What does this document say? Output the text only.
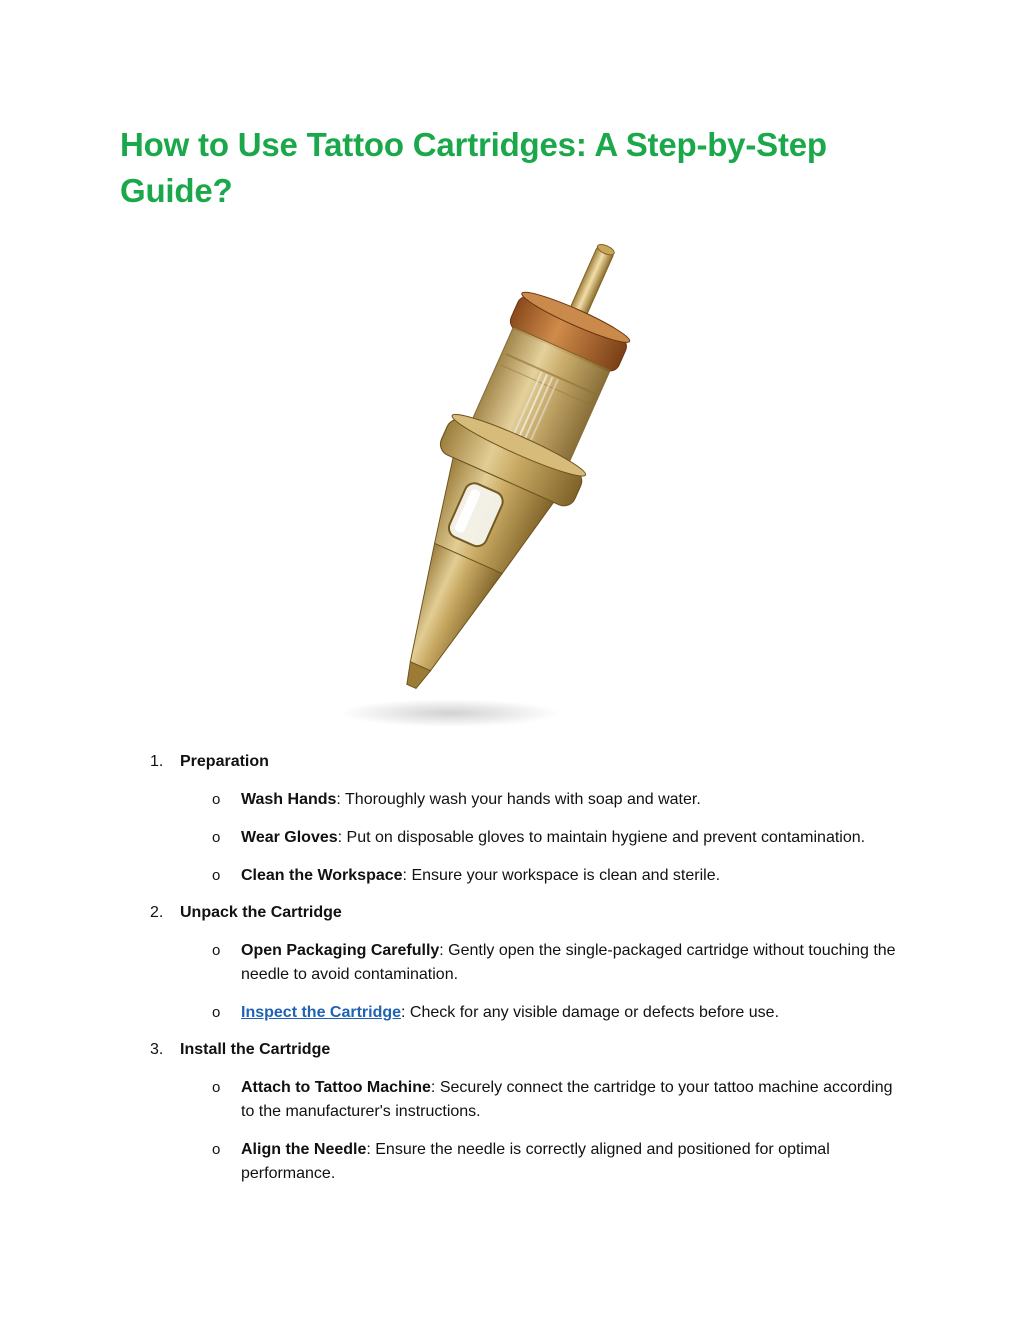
How to Use Tattoo Cartridges: A Step-by-Step Guide?
1. Preparation
o	Wash Hands: Thoroughly wash your hands with soap and water.
o	Wear Gloves: Put on disposable gloves to maintain hygiene and prevent contamination.
o	Clean the Workspace: Ensure your workspace is clean and sterile.
2. Unpack the Cartridge
o	Open Packaging Carefully: Gently open the single-packaged cartridge without touching the needle to avoid contamination.
o	Inspect the Cartridge: Check for any visible damage or defects before use.
3. Install the Cartridge
o	Attach to Tattoo Machine: Securely connect the cartridge to your tattoo machine according to the manufacturer's instructions.
o	Align the Needle: Ensure the needle is correctly aligned and positioned for optimal performance.
